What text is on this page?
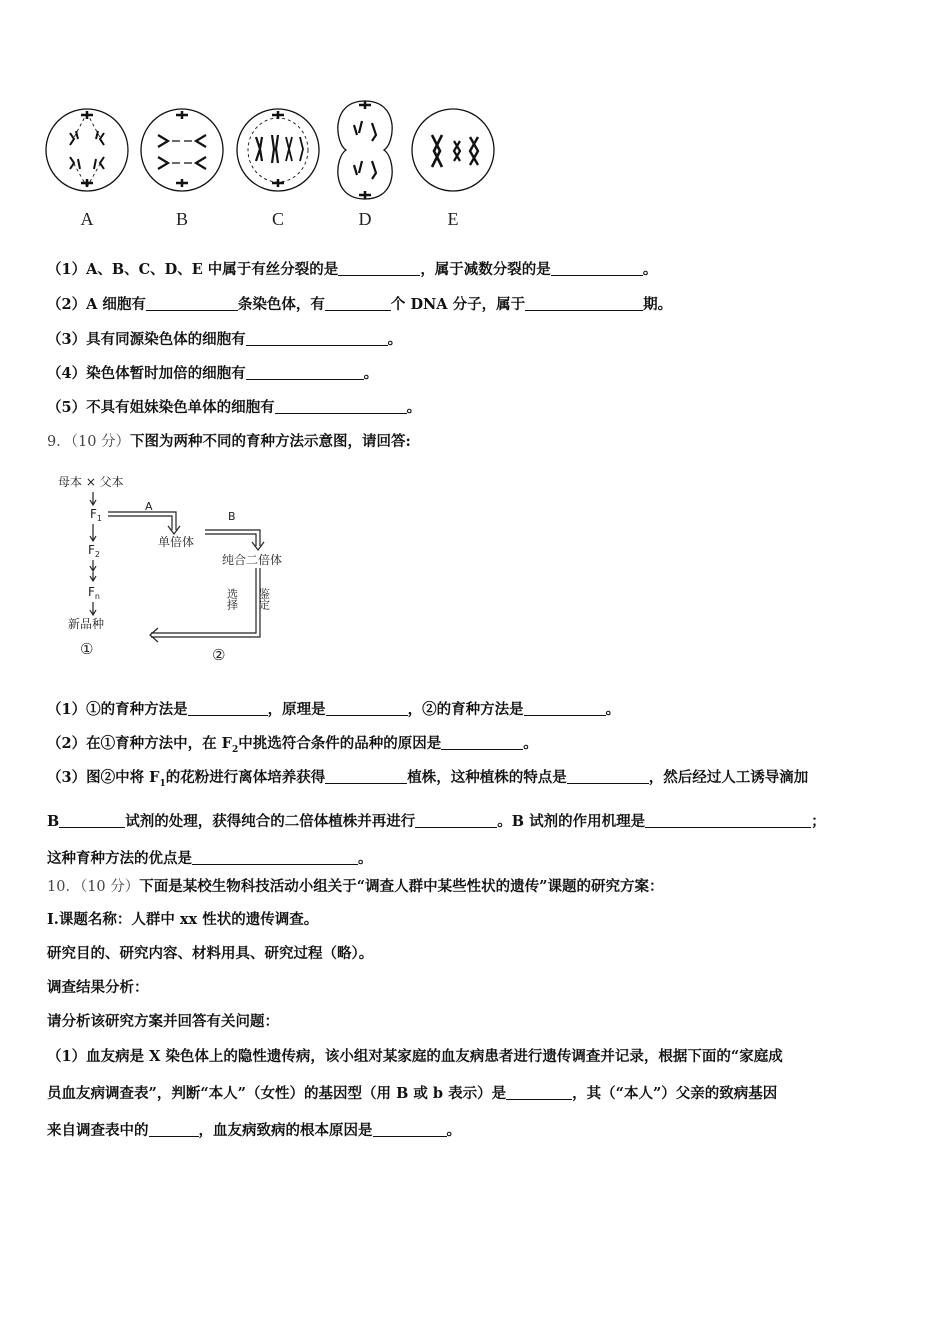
A	B	C	D	E
（1）A、B、C、D、E 中属于有丝分裂的是	，属于减数分裂的是	。
（2）A 细胞有	条染色体，有	个 DNA 分子，属于	期。
（3）具有同源染色体的细胞有	。
（4）染色体暂时加倍的细胞有	。
（5）不具有姐妹染色单体的细胞有	。
9．（10 分）下图为两种不同的育种方法示意图，请回答:
母本 × 父本
$F_1$
$F_2$
$F_n$
新品种
单倍体
纯合二倍体
A
B
选择 鉴定
①	②
（1）①的育种方法是	，原理是	，②的育种方法是	。
（2）在①育种方法中，在 $F_2$中挑选符合条件的品种的原因是	。
（3）图②中将 $F_1$的花粉进行离体培养获得	植株，这种植株的特点是	，然后经过人工诱导滴加
B	试剂的处理，获得纯合的二倍体植株并再进行	。B 试剂的作用机理是	；
这种育种方法的优点是	。
10．（10 分）下面是某校生物科技活动小组关于“调查人群中某些性状的遗传”课题的研究方案：
I.课题名称：人群中 xx 性状的遗传调查。
研究目的、研究内容、材料用具、研究过程（略）。
调查结果分析：
请分析该研究方案并回答有关问题：
（1）血友病是 X 染色体上的隐性遗传病，该小组对某家庭的血友病患者进行遗传调查并记录，根据下面的“家庭成
员血友病调查表”，判断“本人”（女性）的基因型（用 B 或 b 表示）是	，其（“本人”）父亲的致病基因
来自调查表中的	，血友病致病的根本原因是	。
